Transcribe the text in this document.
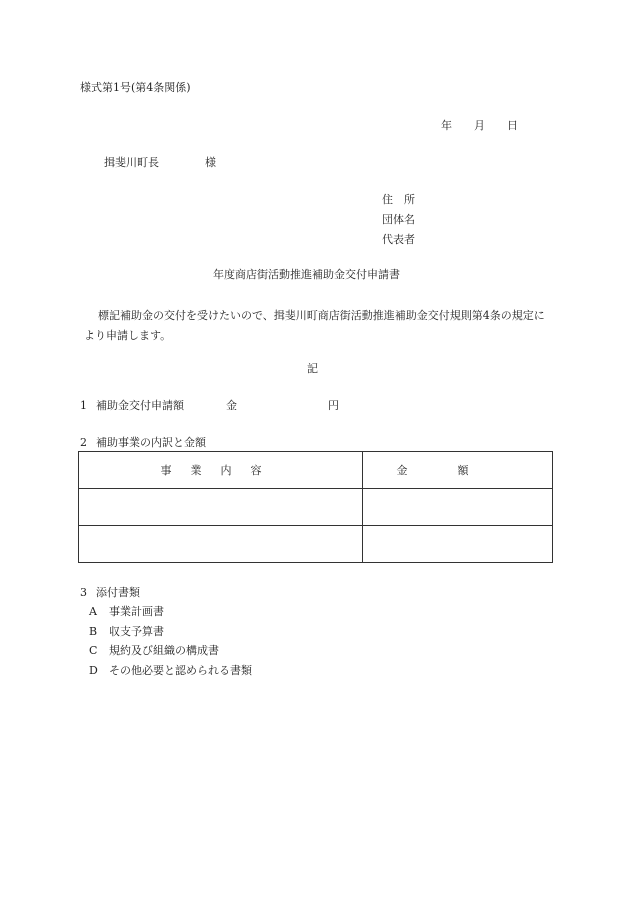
様式第1号(第4条関係)
年 月 日
揖斐川町長	様
住　所
団体名
代表者
年度商店街活動推進補助金交付申請書
標記補助金の交付を受けたいので、揖斐川町商店街活動推進補助金交付規則第4条の規定により申請します。
記
1 補助金交付申請額	金	円
2 補助事業の内訳と金額
事業内容	金額

3 添付書類
A 事業計画書
B 収支予算書
C 規約及び組織の構成書
D その他必要と認められる書類
